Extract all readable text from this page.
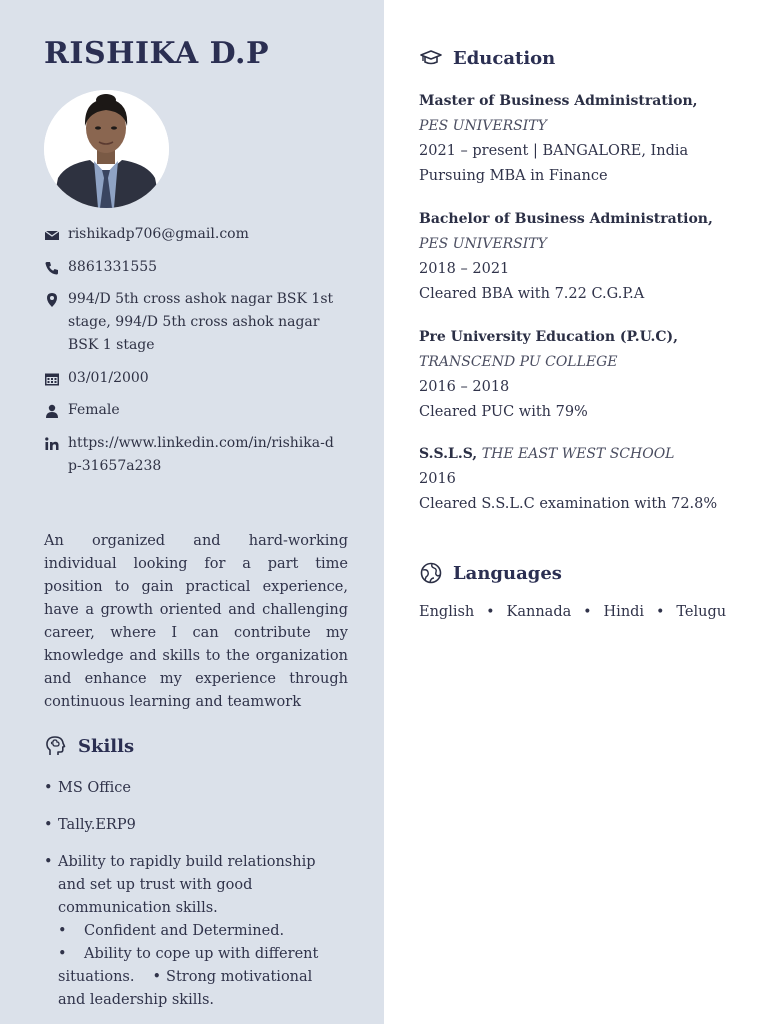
RISHIKA D.P
rishikadp706@gmail.com
8861331555
994/D 5th cross ashok nagar BSK 1st stage, 994/D 5th cross ashok nagar BSK 1 stage
03/01/2000
Female
https://www.linkedin.com/in/rishika-dp-31657a238
An organized and hard-working individual looking for a part time position to gain practical experience, have a growth oriented and challenging career, where I can contribute my knowledge and skills to the organization and enhance my experience through continuous learning and teamwork
Skills
• MS Office
• Tally.ERP9
• Ability to rapidly build relationship and set up trust with good communication skills.
• Confident and Determined.
• Ability to cope up with different situations. • Strong motivational and leadership skills.
Education
Master of Business Administration,
PES UNIVERSITY
2021 – present | BANGALORE, India
Pursuing MBA in Finance
Bachelor of Business Administration,
PES UNIVERSITY
2018 – 2021
Cleared BBA with 7.22 C.G.P.A
Pre University Education (P.U.C),
TRANSCEND PU COLLEGE
2016 – 2018
Cleared PUC with 79%
S.S.L.S, THE EAST WEST SCHOOL
2016
Cleared S.S.L.C examination with 72.8%
Languages
English • Kannada • Hindi • Telugu
